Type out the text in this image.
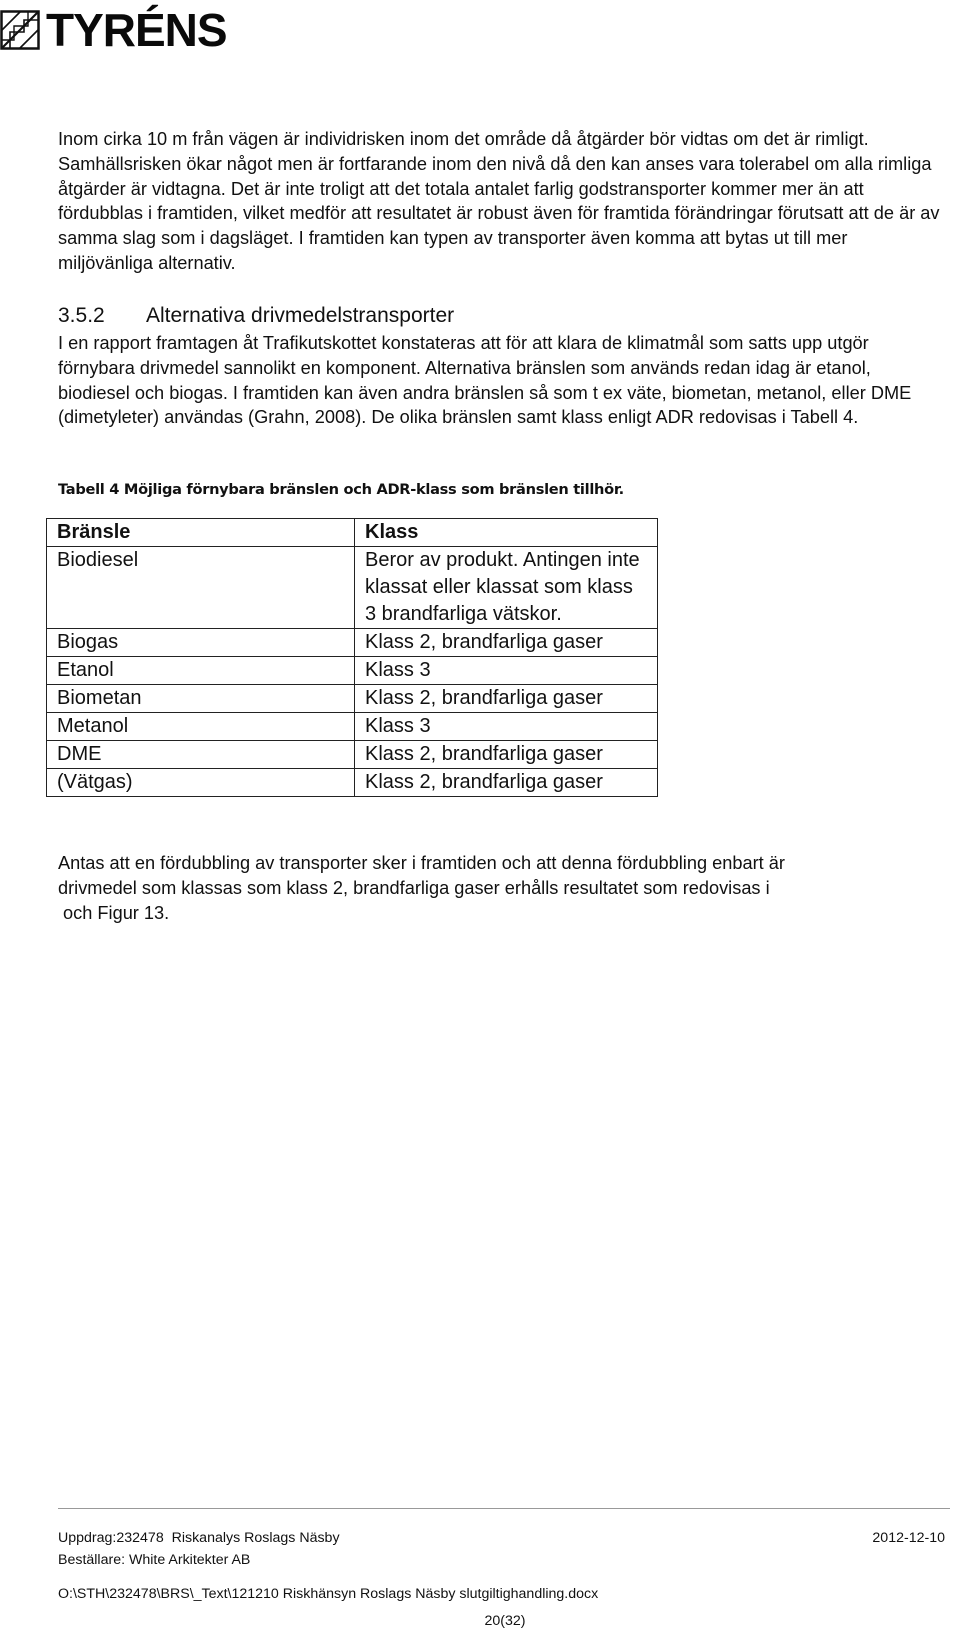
TYRÉNS

Inom cirka 10 m från vägen är individrisken inom det område då åtgärder bör vidtas om det är rimligt. Samhällsrisken ökar något men är fortfarande inom den nivå då den kan anses vara tolerabel om alla rimliga åtgärder är vidtagna. Det är inte troligt att det totala antalet farlig godstransporter kommer mer än att fördubblas i framtiden, vilket medför att resultatet är robust även för framtida förändringar förutsatt att de är av samma slag som i dagsläget. I framtiden kan typen av transporter även komma att bytas ut till mer miljövänliga alternativ.

3.5.2 Alternativa drivmedelstransporter

I en rapport framtagen åt Trafikutskottet konstateras att för att klara de klimatmål som satts upp utgör förnybara drivmedel sannolikt en komponent. Alternativa bränslen som används redan idag är etanol, biodiesel och biogas. I framtiden kan även andra bränslen så som t ex väte, biometan, metanol, eller DME (dimetyleter) användas (Grahn, 2008). De olika bränslen samt klass enligt ADR redovisas i Tabell 4.

Tabell 4 Möjliga förnybara bränslen och ADR-klass som bränslen tillhör.

Bränsle	Klass
Biodiesel	Beror av produkt. Antingen inte klassat eller klassat som klass 3 brandfarliga vätskor.
Biogas	Klass 2, brandfarliga gaser
Etanol	Klass 3
Biometan	Klass 2, brandfarliga gaser
Metanol	Klass 3
DME	Klass 2, brandfarliga gaser
(Vätgas)	Klass 2, brandfarliga gaser

Antas att en fördubbling av transporter sker i framtiden och att denna fördubbling enbart är
drivmedel som klassas som klass 2, brandfarliga gaser erhålls resultatet som redovisas i
och Figur 13.

Uppdrag:232478  Riskanalys Roslags Näsby	2012-12-10

Beställare: White Arkitekter AB

O:\STH\232478\BRS\_Text\121210 Riskhänsyn Roslags Näsby slutgiltighandling.docx

20(32)
